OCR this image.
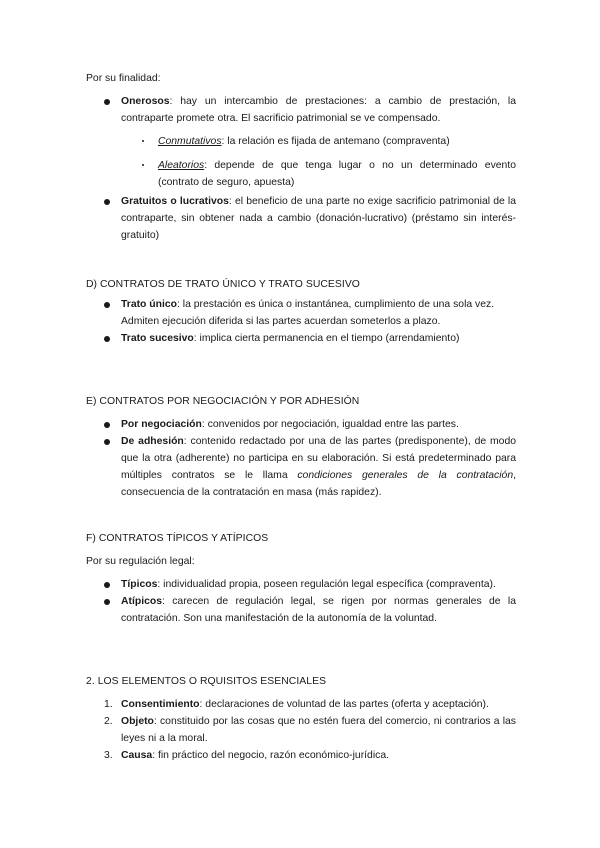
Por su finalidad:

Onerosos: hay un intercambio de prestaciones: a cambio de prestación, la contraparte promete otra. El sacrificio patrimonial se ve compensado.
Conmutativos: la relación es fijada de antemano (compraventa)
Aleatorios: depende de que tenga lugar o no un determinado evento (contrato de seguro, apuesta)
Gratuitos o lucrativos: el beneficio de una parte no exige sacrificio patrimonial de la contraparte, sin obtener nada a cambio (donación-lucrativo) (préstamo sin interés-gratuito)

D) CONTRATOS DE TRATO ÚNICO Y TRATO SUCESIVO

Trato único: la prestación es única o instantánea, cumplimiento de una sola vez.
Admiten ejecución diferida si las partes acuerdan someterlos a plazo.
Trato sucesivo: implica cierta permanencia en el tiempo (arrendamiento)

E) CONTRATOS POR NEGOCIACIÓN Y POR ADHESIÓN

Por negociación: convenidos por negociación, igualdad entre las partes.
De adhesión: contenido redactado por una de las partes (predisponente), de modo que la otra (adherente) no participa en su elaboración. Si está predeterminado para múltiples contratos se le llama condiciones generales de la contratación, consecuencia de la contratación en masa (más rapidez).

F) CONTRATOS TÍPICOS Y ATÍPICOS

Por su regulación legal:

Típicos: individualidad propia, poseen regulación legal específica (compraventa).
Atípicos: carecen de regulación legal, se rigen por normas generales de la contratación. Son una manifestación de la autonomía de la voluntad.

2. LOS ELEMENTOS O RQUISITOS ESENCIALES

1. Consentimiento: declaraciones de voluntad de las partes (oferta y aceptación).
2. Objeto: constituido por las cosas que no estén fuera del comercio, ni contrarios a las leyes ni a la moral.
3. Causa: fin práctico del negocio, razón económico-jurídica.
